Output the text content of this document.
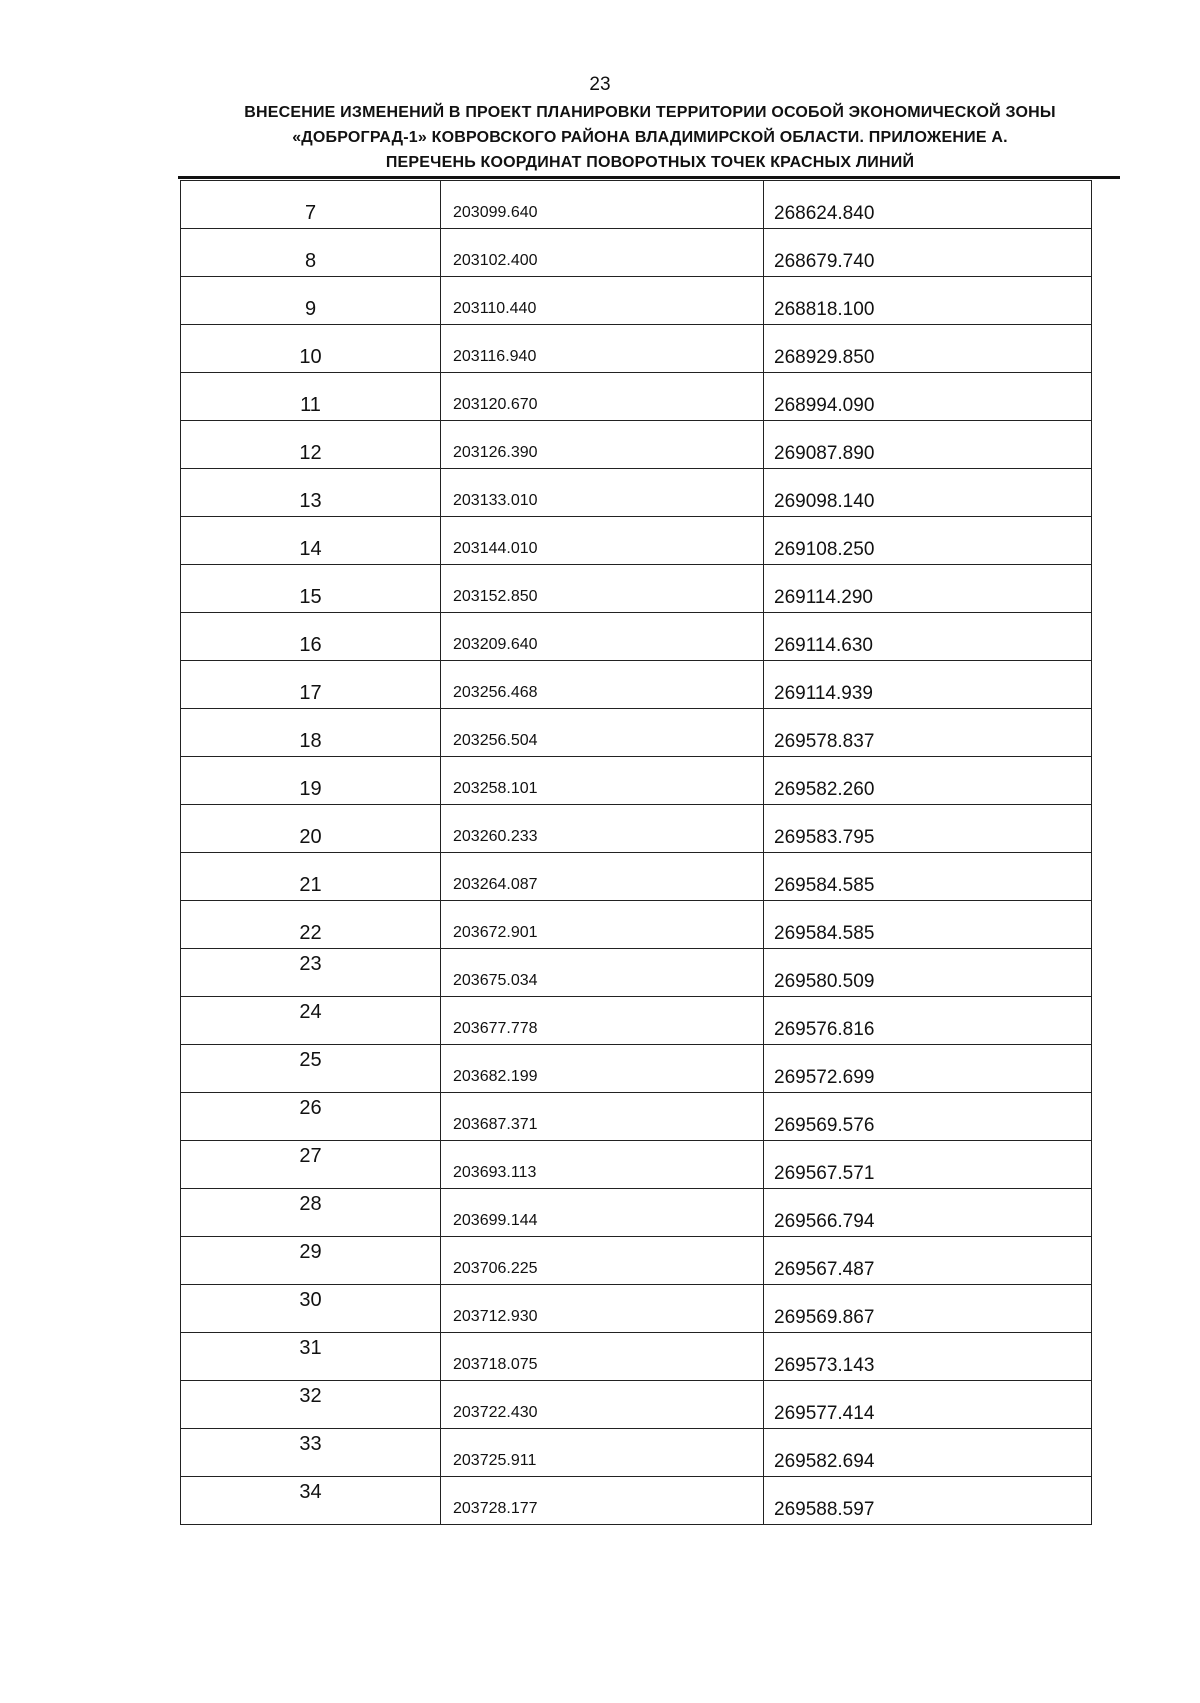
23
ВНЕСЕНИЕ ИЗМЕНЕНИЙ В ПРОЕКТ ПЛАНИРОВКИ ТЕРРИТОРИИ ОСОБОЙ ЭКОНОМИЧЕСКОЙ ЗОНЫ
«ДОБРОГРАД-1» КОВРОВСКОГО РАЙОНА ВЛАДИМИРСКОЙ ОБЛАСТИ. ПРИЛОЖЕНИЕ А.
ПЕРЕЧЕНЬ КООРДИНАТ ПОВОРОТНЫХ ТОЧЕК КРАСНЫХ ЛИНИЙ
7	203099.640	268624.840

8	203102.400	268679.740

9	203110.440	268818.100

10	203116.940	268929.850

11	203120.670	268994.090

12	203126.390	269087.890

13	203133.010	269098.140

14	203144.010	269108.250

15	203152.850	269114.290

16	203209.640	269114.630

17	203256.468	269114.939

18	203256.504	269578.837

19	203258.101	269582.260

20	203260.233	269583.795

21	203264.087	269584.585

22	203672.901	269584.585

23	203675.034	269580.509

24	203677.778	269576.816

25	203682.199	269572.699

26	203687.371	269569.576

27	203693.113	269567.571

28	203699.144	269566.794

29	203706.225	269567.487

30	203712.930	269569.867

31	203718.075	269573.143

32	203722.430	269577.414

33	203725.911	269582.694

34	203728.177	269588.597
